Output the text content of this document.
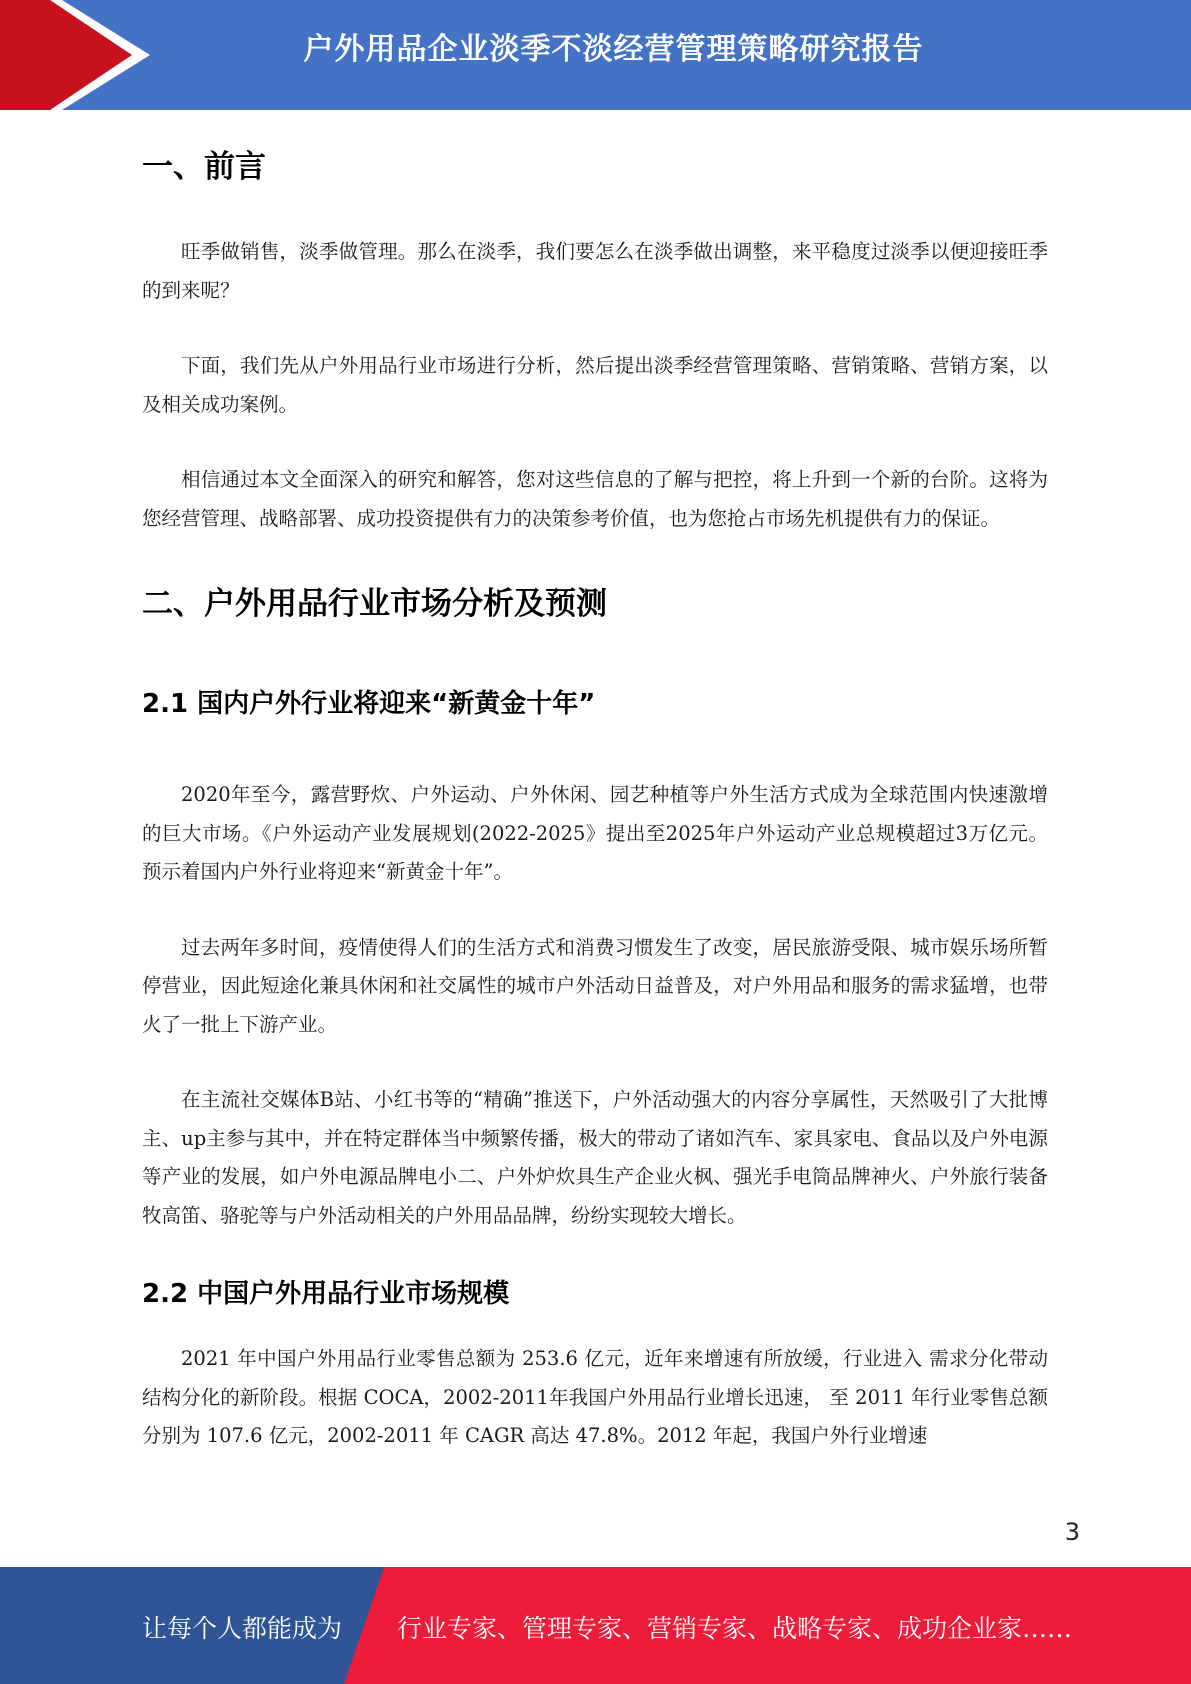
户外用品企业淡季不淡经营管理策略研究报告
一、前言

旺季做销售，淡季做管理。那么在淡季，我们要怎么在淡季做出调整，来平稳度过淡季以便迎接旺季的到来呢？

下面，我们先从户外用品行业市场进行分析，然后提出淡季经营管理策略、营销策略、营销方案，以及相关成功案例。

相信通过本文全面深入的研究和解答，您对这些信息的了解与把控，将上升到一个新的台阶。这将为您经营管理、战略部署、成功投资提供有力的决策参考价值，也为您抢占市场先机提供有力的保证。

二、户外用品行业市场分析及预测
2.1 国内户外行业将迎来“新黄金十年”

2020年至今，露营野炊、户外运动、户外休闲、园艺种植等户外生活方式成为全球范围内快速激增的巨大市场。《户外运动产业发展规划(2022-2025》提出至2025年户外运动产业总规模超过3万亿元。预示着国内户外行业将迎来“新黄金十年”。

过去两年多时间，疫情使得人们的生活方式和消费习惯发生了改变，居民旅游受限、城市娱乐场所暂停营业，因此短途化兼具休闲和社交属性的城市户外活动日益普及，对户外用品和服务的需求猛增，也带火了一批上下游产业。

在主流社交媒体B站、小红书等的“精确”推送下，户外活动强大的内容分享属性，天然吸引了大批博主、up主参与其中，并在特定群体当中频繁传播，极大的带动了诸如汽车、家具家电、食品以及户外电源等产业的发展，如户外电源品牌电小二、户外炉炊具生产企业火枫、强光手电筒品牌神火、户外旅行装备牧高笛、骆驼等与户外活动相关的户外用品品牌，纷纷实现较大增长。

2.2 中国户外用品行业市场规模

2021 年中国户外用品行业零售总额为 253.6 亿元，近年来增速有所放缓，行业进入 需求分化带动结构分化的新阶段。根据 COCA，2002-2011年我国户外用品行业增长迅速， 至 2011 年行业零售总额分别为 107.6 亿元，2002-2011 年 CAGR 高达 47.8%。2012 年起，我国户外行业增速

3
让每个人都能成为 行业专家、管理专家、营销专家、战略专家、成功企业家……
